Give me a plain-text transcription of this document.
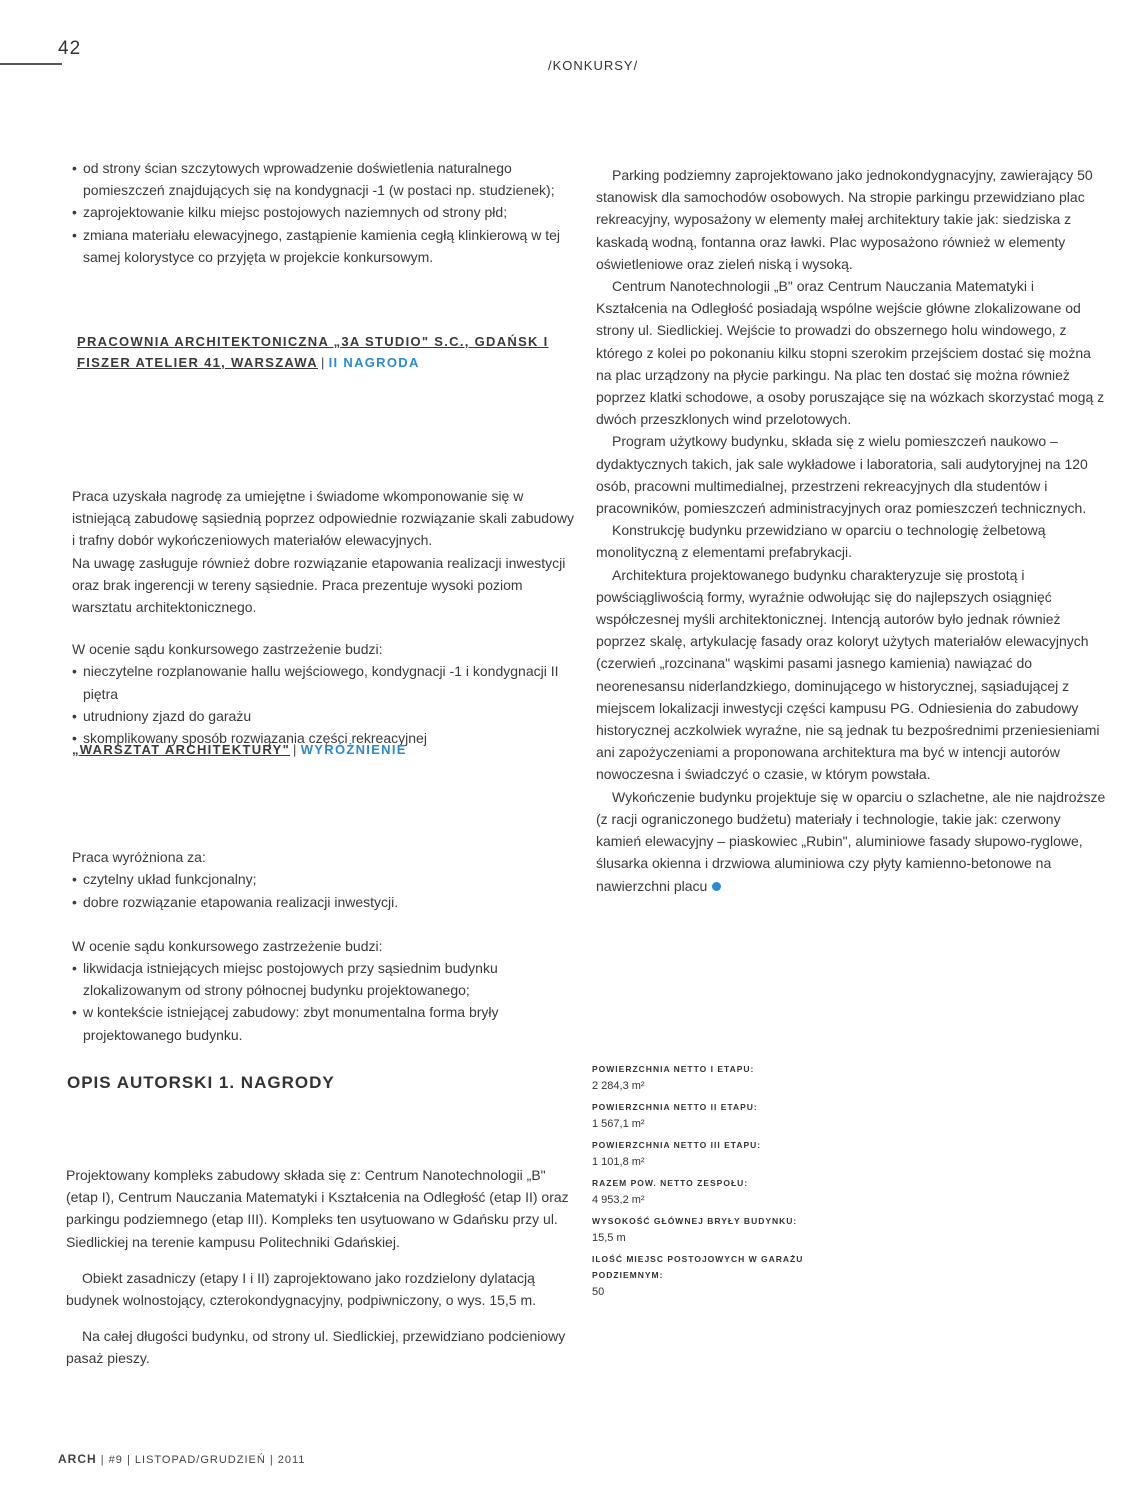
42
/KONKURSY/
• od strony ścian szczytowych wprowadzenie doświetlenia naturalnego pomieszczeń znajdujących się na kondygnacji -1 (w postaci np. studzienek);
• zaprojektowanie kilku miejsc postojowych naziemnych od strony płd;
• zmiana materiału elewacyjnego, zastąpienie kamienia cegłą klinkierową w tej samej kolorystyce co przyjęta w projekcie konkursowym.

Praca uzyskała nagrodę za umiejętne i świadome wkomponowanie się w istniejącą zabudowę sąsiednią poprzez odpowiednie rozwiązanie skali zabudowy i trafny dobór wykończeniowych materiałów elewacyjnych.

Na uwagę zasługuje również dobre rozwiązanie etapowania realizacji inwestycji oraz brak ingerencji w tereny sąsiednie. Praca prezentuje wysoki poziom warsztatu architektonicznego.

W ocenie sądu konkursowego zastrzeżenie budzi:

• nieczytelne rozplanowanie hallu wejściowego, kondygnacji -1 i kondygnacji II piętra
• utrudniony zjazd do garażu
• skomplikowany sposób rozwiązania części rekreacyjnej

Praca wyróżniona za:

• czytelny układ funkcjonalny;
• dobre rozwiązanie etapowania realizacji inwestycji.

W ocenie sądu konkursowego zastrzeżenie budzi:

• likwidacja istniejących miejsc postojowych przy sąsiednim budynku zlokalizowanym od strony północnej budynku projektowanego;
• w kontekście istniejącej zabudowy: zbyt monumentalna forma bryły projektowanego budynku.
PRACOWNIA ARCHITEKTONICZNA „3A STUDIO" S.C., GDAŃSK I FISZER ATELIER 41, WARSZAWA | II NAGRODA
„WARSZTAT ARCHITEKTURY" | WYRÓŻNIENIE

Parking podziemny zaprojektowano jako jednokondygnacyjny, zawierający 50 stanowisk dla samochodów osobowych. Na stropie parkingu przewidziano plac rekreacyjny, wyposażony w elementy małej architektury takie jak: siedziska z kaskadą wodną, fontanna oraz ławki. Plac wyposażono również w elementy oświetleniowe oraz zieleń niską i wysoką.

Centrum Nanotechnologii „B" oraz Centrum Nauczania Matematyki i Kształcenia na Odległość posiadają wspólne wejście główne zlokalizowane od strony ul. Siedlickiej. Wejście to prowadzi do obszernego holu windowego, z którego z kolei po pokonaniu kilku stopni szerokim przejściem dostać się można na plac urządzony na płycie parkingu. Na plac ten dostać się można również poprzez klatki schodowe, a osoby poruszające się na wózkach skorzystać mogą z dwóch przeszklonych wind przelotowych.

Program użytkowy budynku, składa się z wielu pomieszczeń naukowo – dydaktycznych takich, jak sale wykładowe i laboratoria, sali audytoryjnej na 120 osób, pracowni multimedialnej, przestrzeni rekreacyjnych dla studentów i pracowników, pomieszczeń administracyjnych oraz pomieszczeń technicznych.

Konstrukcję budynku przewidziano w oparciu o technologię żelbetową monolityczną z elementami prefabrykacji.

Architektura projektowanego budynku charakteryzuje się prostotą i powściągliwością formy, wyraźnie odwołując się do najlepszych osiągnięć współczesnej myśli architektonicznej. Intencją autorów było jednak również poprzez skalę, artykulację fasady oraz koloryt użytych materiałów elewacyjnych (czerwień „rozcinana" wąskimi pasami jasnego kamienia) nawiązać do neorenesansu niderlandzkiego, dominującego w historycznej, sąsiadującej z miejscem lokalizacji inwestycji części kampusu PG. Odniesienia do zabudowy historycznej aczkolwiek wyraźne, nie są jednak tu bezpośrednimi przeniesieniami ani zapożyczeniami a proponowana architektura ma być w intencji autorów nowoczesna i świadczyć o czasie, w którym powstała.

Wykończenie budynku projektuje się w oparciu o szlachetne, ale nie najdroższe (z racji ograniczonego budżetu) materiały i technologie, takie jak: czerwony kamień elewacyjny – piaskowiec „Rubin", aluminiowe fasady słupowo-ryglowe, ślusarka okienna i drzwiowa aluminiowa czy płyty kamienno-betonowe na nawierzchni placu

OPIS AUTORSKI 1. NAGRODY

Projektowany kompleks zabudowy składa się z: Centrum Nanotechnologii „B" (etap I), Centrum Nauczania Matematyki i Kształcenia na Odległość (etap II) oraz parkingu podziemnego (etap III). Kompleks ten usytuowano w Gdańsku przy ul. Siedlickiej na terenie kampusu Politechniki Gdańskiej.

Obiekt zasadniczy (etapy I i II) zaprojektowano jako rozdzielony dylatacją budynek wolnostojący, czterokondygnacyjny, podpiwniczony, o wys. 15,5 m.

Na całej długości budynku, od strony ul. Siedlickiej, przewidziano podcieniowy pasaż pieszy.

POWIERZCHNIA NETTO I ETAPU:
2 284,3 m²
POWIERZCHNIA NETTO II ETAPU:
1 567,1 m²
POWIERZCHNIA NETTO III ETAPU:
1 101,8 m²
RAZEM POW. NETTO ZESPOŁU:
4 953,2 m²
WYSOKOŚĆ GŁÓWNEJ BRYŁY BUDYNKU:
15,5 m
ILOŚĆ MIEJSC POSTOJOWYCH W GARAŻU PODZIEMNYM:
50
ARCH | #9 | LISTOPAD/GRUDZIEŃ | 2011
